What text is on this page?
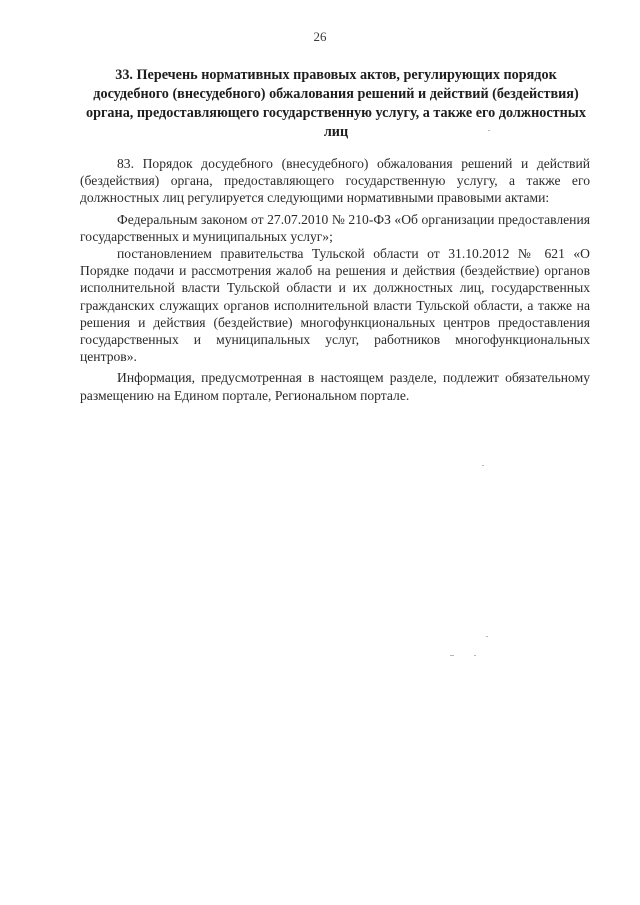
26
33. Перечень нормативных правовых актов, регулирующих порядок досудебного (внесудебного) обжалования решений и действий (бездействия) органа, предоставляющего государственную услугу, а также его должностных лиц

83. Порядок досудебного (внесудебного) обжалования решений и действий (бездействия) органа, предоставляющего государственную услугу, а также его должностных лиц регулируется следующими нормативными правовыми актами:

Федеральным законом от 27.07.2010 № 210-ФЗ «Об организации предоставления государственных и муниципальных услуг»;

постановлением правительства Тульской области от 31.10.2012 № 621 «О Порядке подачи и рассмотрения жалоб на решения и действия (бездействие) органов исполнительной власти Тульской области и их должностных лиц, государственных гражданских служащих органов исполнительной власти Тульской области, а также на решения и действия (бездействие) многофункциональных центров предоставления государственных и муниципальных услуг, работников многофункциональных центров».

Информация, предусмотренная в настоящем разделе, подлежит обязательному размещению на Едином портале, Региональном портале.
